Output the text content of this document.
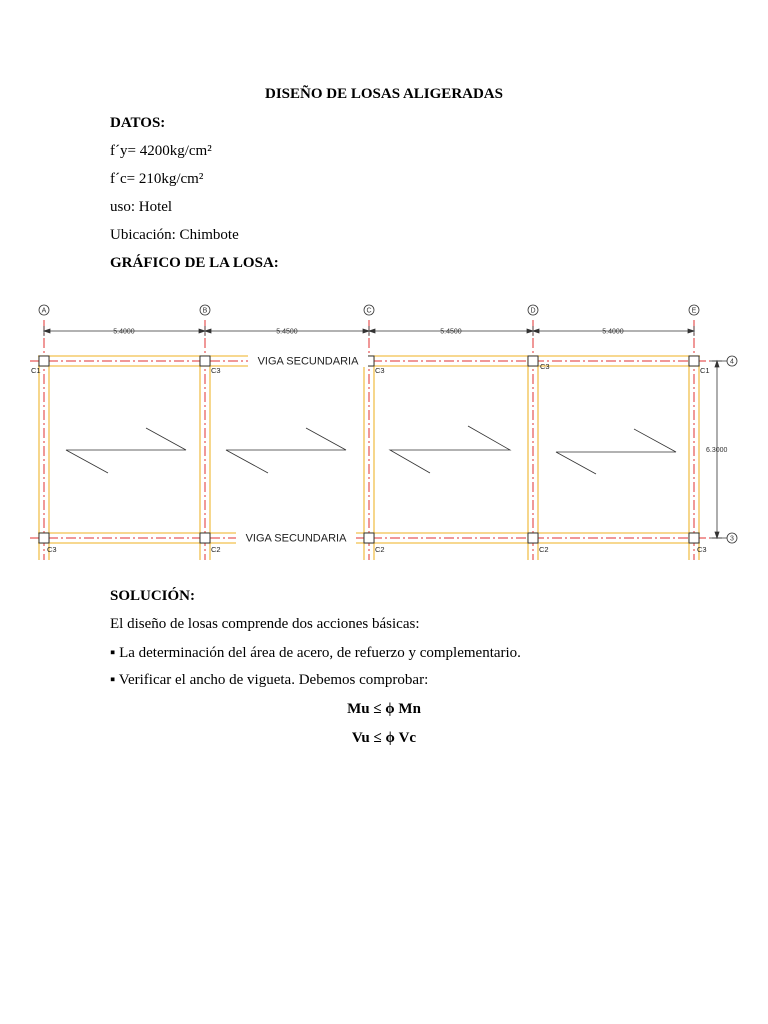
DISEÑO DE LOSAS ALIGERADAS
DATOS:
f´y= 4200kg/cm²
f´c= 210kg/cm²
uso: Hotel
Ubicación: Chimbote
GRÁFICO DE LA LOSA:
A	B	C	D	E
4
3
5.4000	5.4500	5.4500	5.4000
6.3000
VIGA SECUNDARIA
VIGA SECUNDARIA
C1	C3	C3	C3	C1
C3	C2	C2	C2	C3
SOLUCIÓN:
El diseño de losas comprende dos acciones básicas:
▪ La determinación del área de acero, de refuerzo y complementario.
▪ Verificar el ancho de vigueta. Debemos comprobar:
Mu ≤ ϕ Mn
Vu ≤ ϕ Vc
